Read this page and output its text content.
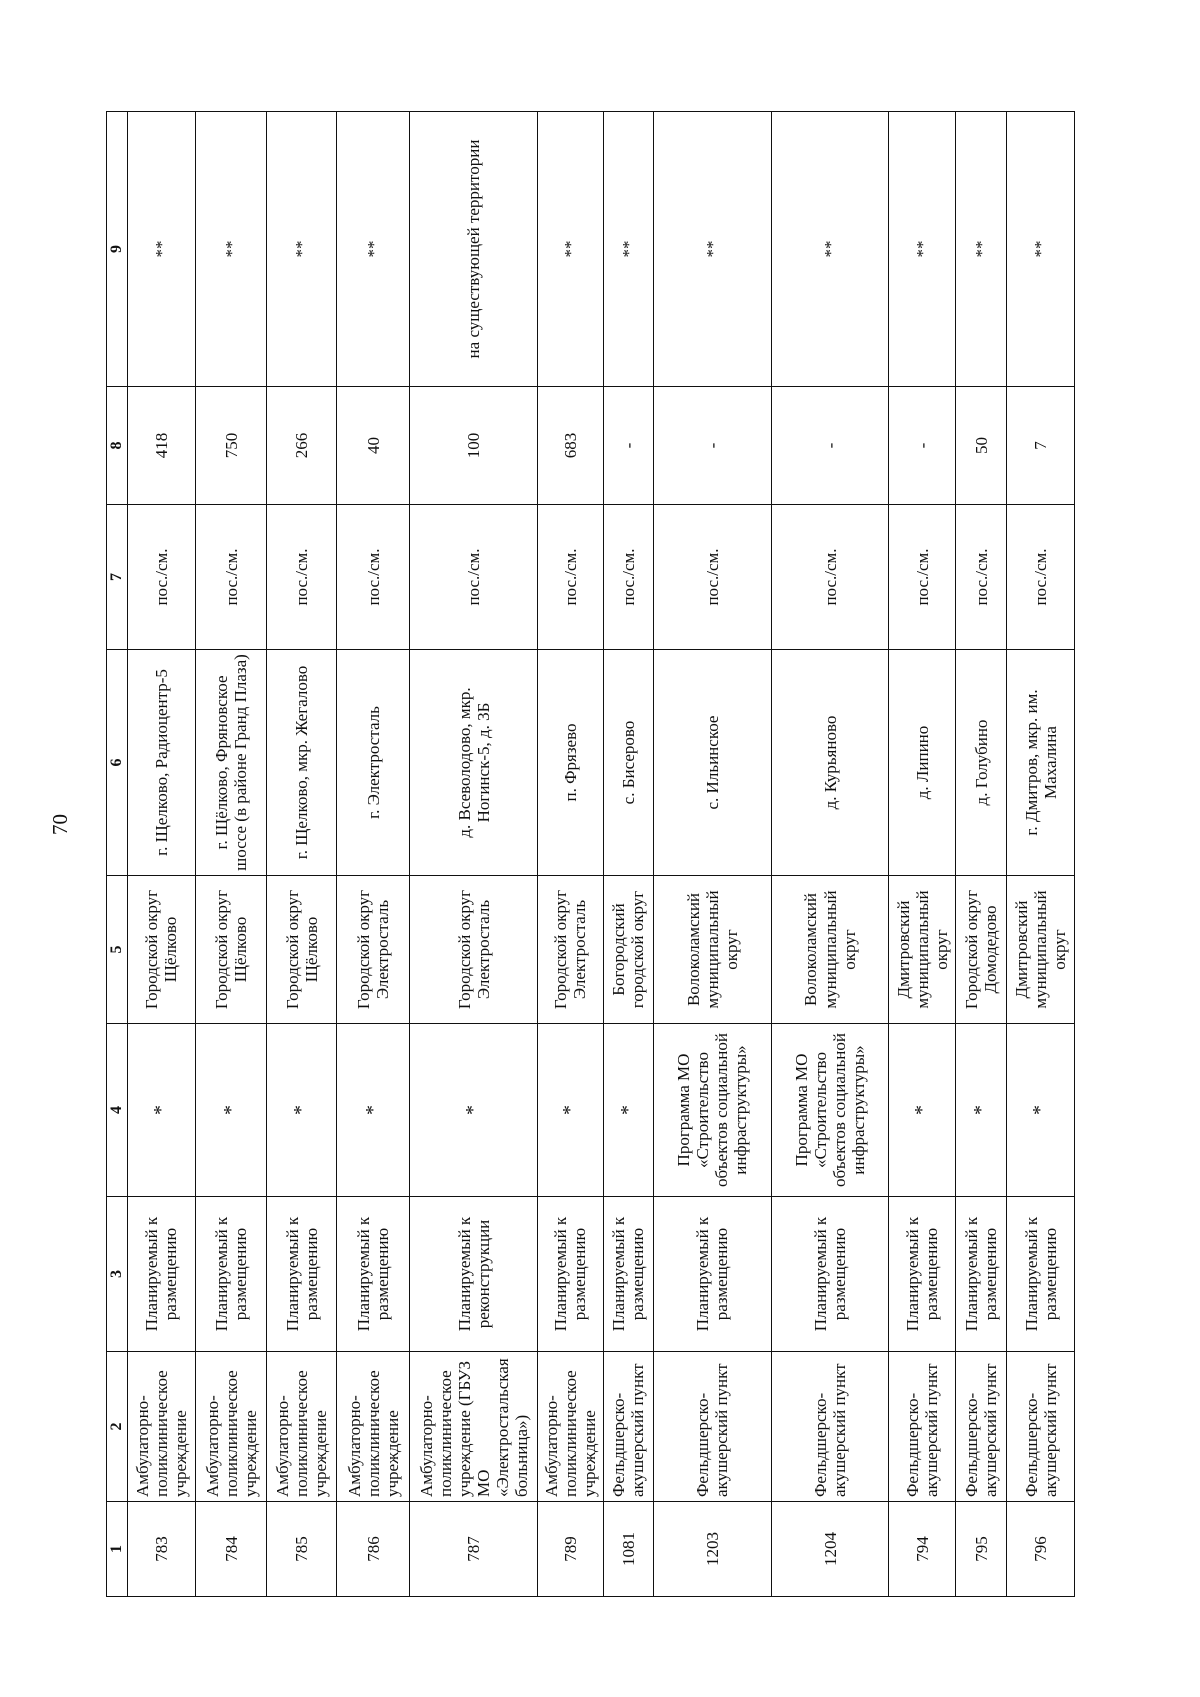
70
1	2	3	4	5	6	7	8	9
783	Амбулаторно-поликлиническое учреждение	Планируемый к размещению	*	Городской округ Щёлково	г. Щелково, Радиоцентр-5	пос./см.	418	**
784	Амбулаторно-поликлиническое учреждение	Планируемый к размещению	*	Городской округ Щёлково	г. Щёлково, Фряновское шоссе (в районе Гранд Плаза)	пос./см.	750	**
785	Амбулаторно-поликлиническое учреждение	Планируемый к размещению	*	Городской округ Щёлково	г. Щелково, мкр. Жегалово	пос./см.	266	**
786	Амбулаторно-поликлиническое учреждение	Планируемый к размещению	*	Городской округ Электросталь	г. Электросталь	пос./см.	40	**
787	Амбулаторно-поликлиническое учреждение (ГБУЗ МО «Электростальская больница»)	Планируемый к реконструкции	*	Городской округ Электросталь	д. Всеволодово, мкр. Ногинск-5, д. 3Б	пос./см.	100	на существующей территории
789	Амбулаторно-поликлиническое учреждение	Планируемый к размещению	*	Городской округ Электросталь	п. Фрязево	пос./см.	683	**
1081	Фельдшерско-акушерский пункт	Планируемый к размещению	*	Богородский городской округ	с. Бисерово	пос./см.	-	**
1203	Фельдшерско-акушерский пункт	Планируемый к размещению	Программа МО «Строительство объектов социальной инфраструктуры»	Волоколамский муниципальный округ	с. Ильинское	пос./см.	-	**
1204	Фельдшерско-акушерский пункт	Планируемый к размещению	Программа МО «Строительство объектов социальной инфраструктуры»	Волоколамский муниципальный округ	д. Курьяново	пос./см.	-	**
794	Фельдшерско-акушерский пункт	Планируемый к размещению	*	Дмитровский муниципальный округ	д. Липино	пос./см.	-	**
795	Фельдшерско-акушерский пункт	Планируемый к размещению	*	Городской округ Домодедово	д. Голубино	пос./см.	50	**
796	Фельдшерско-акушерский пункт	Планируемый к размещению	*	Дмитровский муниципальный округ	г. Дмитров, мкр. им. Махалина	пос./см.	7	**
